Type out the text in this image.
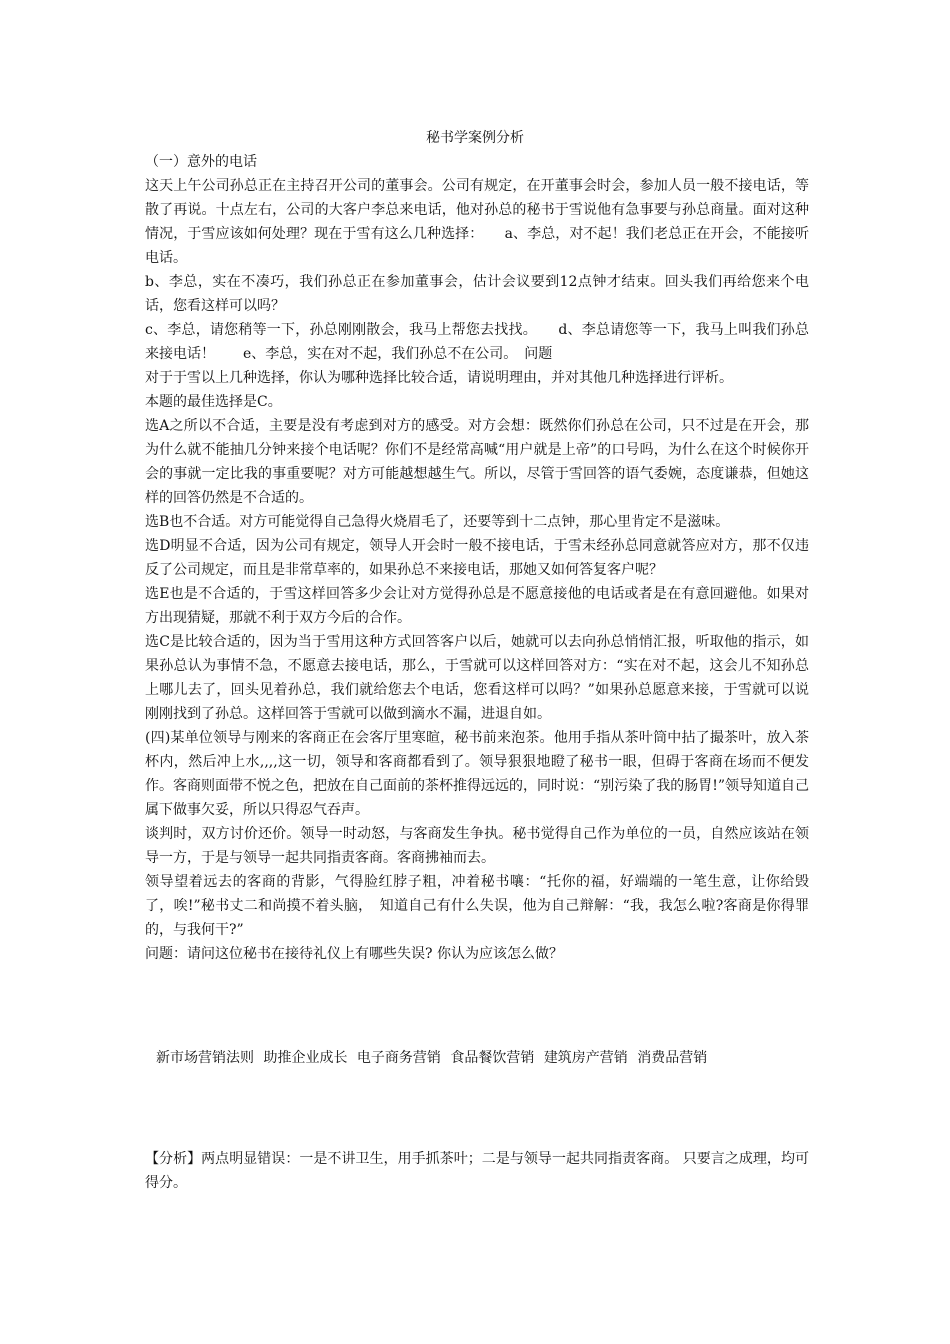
秘书学案例分析

（一）意外的电话

这天上午公司孙总正在主持召开公司的董事会。公司有规定，在开董事会时会，参加人员一般不接电话，等散了再说。十点左右，公司的大客户李总来电话，他对孙总的秘书于雪说他有急事要与孙总商量。面对这种情况，于雪应该如何处理？现在于雪有这么几种选择：　　a、李总，对不起！我们老总正在开会，不能接听电话。

b、李总，实在不凑巧，我们孙总正在参加董事会，估计会议要到12点钟才结束。回头我们再给您来个电话，您看这样可以吗？

c、李总，请您稍等一下，孙总刚刚散会，我马上帮您去找找。　　d、李总请您等一下，我马上叫我们孙总来接电话！　　e、李总，实在对不起，我们孙总不在公司。　问题

对于于雪以上几种选择，你认为哪种选择比较合适，请说明理由，并对其他几种选择进行评析。

本题的最佳选择是C。

选A之所以不合适，主要是没有考虑到对方的感受。对方会想：既然你们孙总在公司，只不过是在开会，那为什么就不能抽几分钟来接个电话呢？你们不是经常高喊“用户就是上帝”的口号吗，为什么在这个时候你开会的事就一定比我的事重要呢？对方可能越想越生气。所以，尽管于雪回答的语气委婉，态度谦恭，但她这样的回答仍然是不合适的。

选B也不合适。对方可能觉得自己急得火烧眉毛了，还要等到十二点钟，那心里肯定不是滋味。

选D明显不合适，因为公司有规定，领导人开会时一般不接电话，于雪未经孙总同意就答应对方，那不仅违反了公司规定，而且是非常草率的，如果孙总不来接电话，那她又如何答复客户呢？

选E也是不合适的，于雪这样回答多少会让对方觉得孙总是不愿意接他的电话或者是在有意回避他。如果对方出现猜疑，那就不利于双方今后的合作。

选C是比较合适的，因为当于雪用这种方式回答客户以后，她就可以去向孙总悄悄汇报，听取他的指示，如果孙总认为事情不急，不愿意去接电话，那么，于雪就可以这样回答对方：“实在对不起，这会儿不知孙总上哪儿去了，回头见着孙总，我们就给您去个电话，您看这样可以吗？”如果孙总愿意来接，于雪就可以说刚刚找到了孙总。这样回答于雪就可以做到滴水不漏，进退自如。

(四)某单位领导与刚来的客商正在会客厅里寒暄，秘书前来泡茶。他用手指从茶叶筒中拈了撮茶叶，放入茶杯内，然后冲上水,,,,这一切，领导和客商都看到了。领导狠狠地瞪了秘书一眼，但碍于客商在场而不便发作。客商则面带不悦之色，把放在自己面前的茶杯推得远远的，同时说：“别污染了我的肠胃!”领导知道自己属下做事欠妥，所以只得忍气吞声。

谈判时，双方讨价还价。领导一时动怒，与客商发生争执。秘书觉得自己作为单位的一员，自然应该站在领导一方，于是与领导一起共同指责客商。客商拂袖而去。

领导望着远去的客商的背影，气得脸红脖子粗，冲着秘书嚷：“托你的福，好端端的一笔生意，让你给毁了，唉!”秘书丈二和尚摸不着头脑，　知道自己有什么失误，他为自己辩解：“我，我怎么啦?客商是你得罪的，与我何干?”

问题：请问这位秘书在接待礼仪上有哪些失误? 你认为应该怎么做？

新市场营销法则 助推企业成长 电子商务营销 食品餐饮营销 建筑房产营销 消费品营销
【分析】两点明显错误：一是不讲卫生，用手抓茶叶；二是与领导一起共同指责客商。 只要言之成理，均可得分。
